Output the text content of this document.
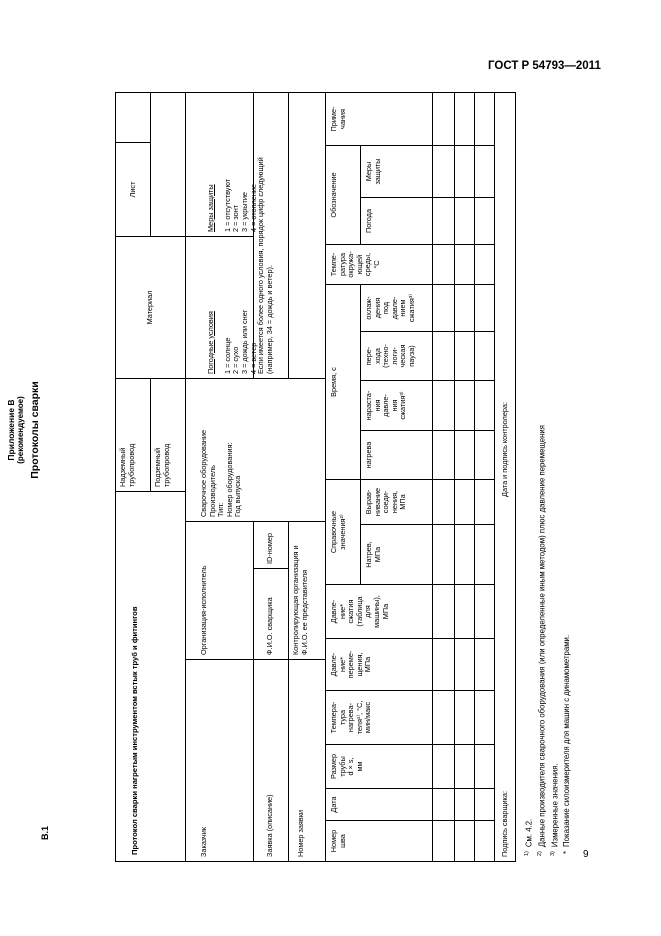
ГОСТ Р 54793—2011
9
Приложение В (рекомендуемое) Протоколы сварки
В.1	Протокол сварки нагретым инструментом встык труб и фитингов
Надземный
трубопровод	Подземный
трубопровод
Материал
Лист
Заказчик
Организация-исполнитель
Сварочное оборудование
Производитель
Тип:
Номер оборудования:
Год выпуска

Погодные условия 1 = солнце
2 = сухо
3 = дождь или снег
4 = ветер

Меры защиты 1 = отсутствуют
2 = зонт
3 = укрытие
4 = отопление

Заявка (описание)
Ф.И.О. сварщика
ID-номер
Если имеется более одного условия, порядок цифр следующий
(например, 34 = дождь и ветер).
Номер заявки
Контролирующая организация и
Ф.И.О. ее представителя
Номер
шва
Дата
Размер
трубы
d × s,
мм
Темпера-
тура
нагрева-
теля¹⁾, °С,
мин/макс
Давле-
ние*
переме-
щения,
МПа
Давле-
ние*
сжатия
(таблица
для
машины),
МПа
Справочные
значения²⁾
Натрев,
МПа
Вырав-
нивание
соеди-
нения,
МПа
Время, с
нагрева
нараста-
ния
давле-
ния
сжатия³⁾
пере-
хода
(техно-
логи-
ческая
пауза)
охлаж-
дения
под
давле-
нием
сжатия³⁾
Темпе-
ратура
окружа-
ющей
среды,
°С
Обозначение
Погода
Меры
защиты
Приме-
чания

Подпись сварщика:

Дата и подпись контролера:

$^{1)}$См. 4.2.
$^{2)}$Данные производителя сварочного оборудования (или определенные иным методом) плюс давление перемещения
$^{3)}$Измеренные значения.
*Показание силоизмерителя для машин с динамометрами.
